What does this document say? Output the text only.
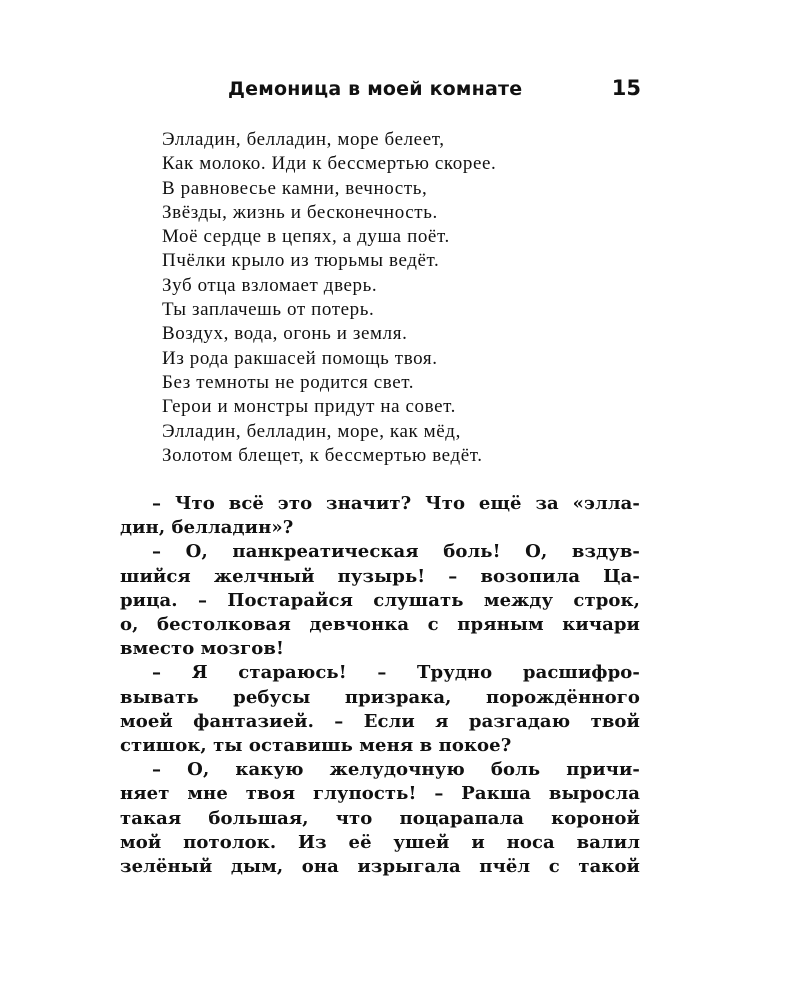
Демоница в моей комнате	15
Элладин, белладин, море белеет,
Как молоко. Иди к бессмертью скорее.
В равновесье камни, вечность,
Звёзды, жизнь и бесконечность.
Моё сердце в цепях, а душа поёт.
Пчёлки крыло из тюрьмы ведёт.
Зуб отца взломает дверь.
Ты заплачешь от потерь.
Воздух, вода, огонь и земля.
Из рода ракшасей помощь твоя.
Без темноты не родится свет.
Герои и монстры придут на совет.
Элладин, белладин, море, как мёд,
Золотом блещет, к бессмертью ведёт.
– Что всё это значит? Что ещё за «элла-
дин, белладин»?
– О, панкреатическая боль! О, вздув-
шийся желчный пузырь! – возопила Ца-
рица. – Постарайся слушать между строк,
о, бестолковая девчонка с пряным кичари
вместо мозгов!
– Я стараюсь! – Трудно расшифро-
вывать ребусы призрака, порождённого
моей фантазией. – Если я разгадаю твой
стишок, ты оставишь меня в покое?
– О, какую желудочную боль причи-
няет мне твоя глупость! – Ракша выросла
такая большая, что поцарапала короной
мой потолок. Из её ушей и носа валил
зелёный дым, она изрыгала пчёл с такой
